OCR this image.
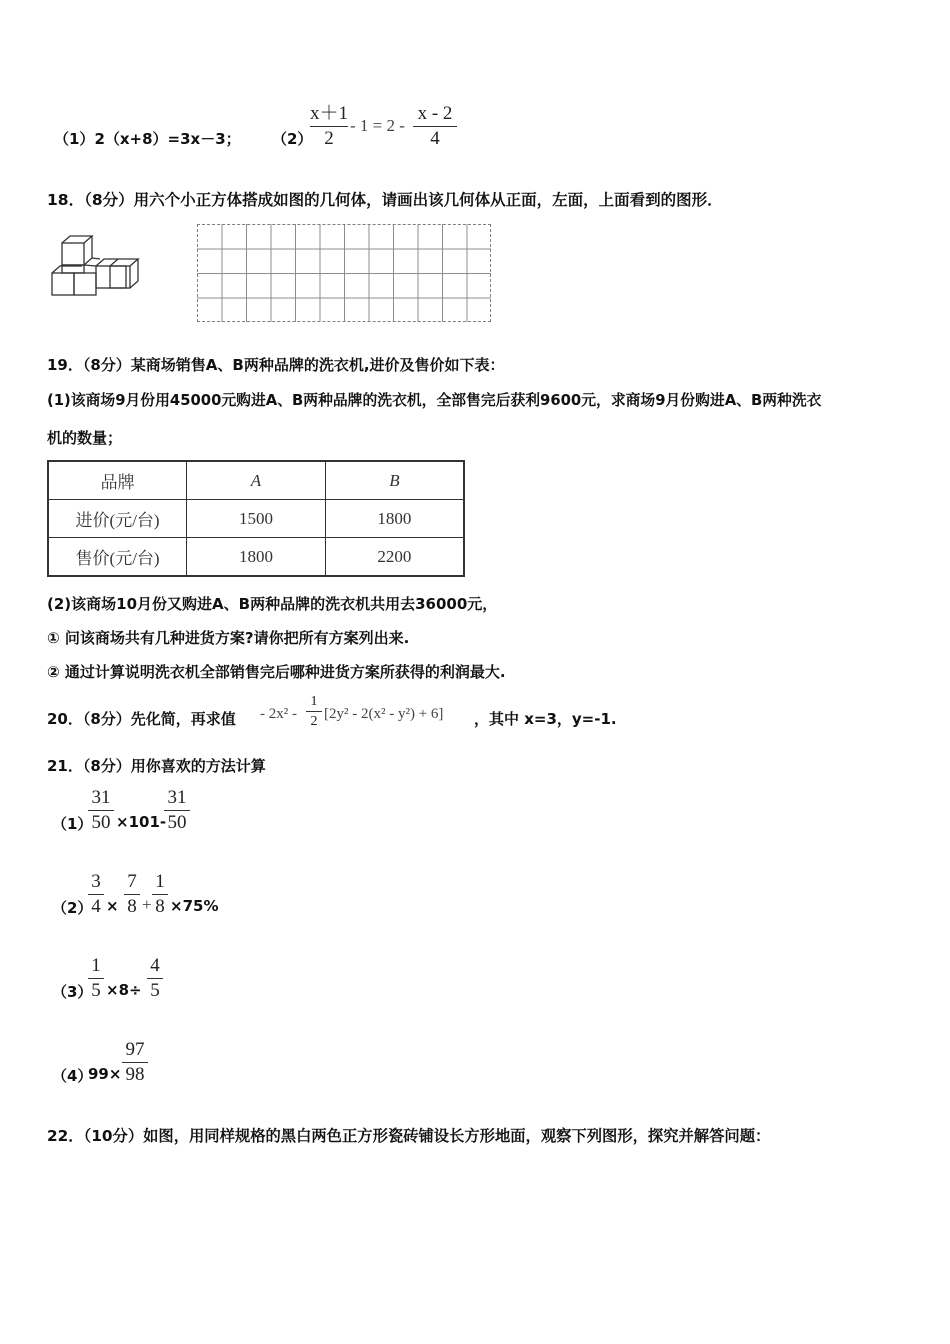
（1）2（x+8）=3x－3； （2）
x＋1
2
- 1 = 2 -
x - 2
4
18．（8分）用六个小正方体搭成如图的几何体，请画出该几何体从正面，左面，上面看到的图形．
19．（8分）某商场销售A、B两种品牌的洗衣机,进价及售价如下表：
(1)该商场9月份用45000元购进A、B两种品牌的洗衣机，全部售完后获利9600元，求商场9月份购进A、B两种洗衣
机的数量；
品牌	A	B
进价(元/台)	1500	1800
售价(元/台)	1800	2200
(2)该商场10月份又购进A、B两种品牌的洗衣机共用去36000元，
① 问该商场共有几种进货方案?请你把所有方案列出来.
② 通过计算说明洗衣机全部销售完后哪种进货方案所获得的利润最大.
20．（8分）先化简，再求值 - 2x² -
1
2 [2y² - 2(x² - y²) + 6] ，其中 x=3，y=-1.
21．（8分）用你喜欢的方法计算
（1）
31
50 ×101-
31
50
（2）
3
4 ×
7
8 +
1
8 ×75%
（3）
1
5 ×8÷
4
5
（4）
99×
97
98
22．（10分）如图，用同样规格的黑白两色正方形瓷砖铺设长方形地面，观察下列图形，探究并解答问题：
